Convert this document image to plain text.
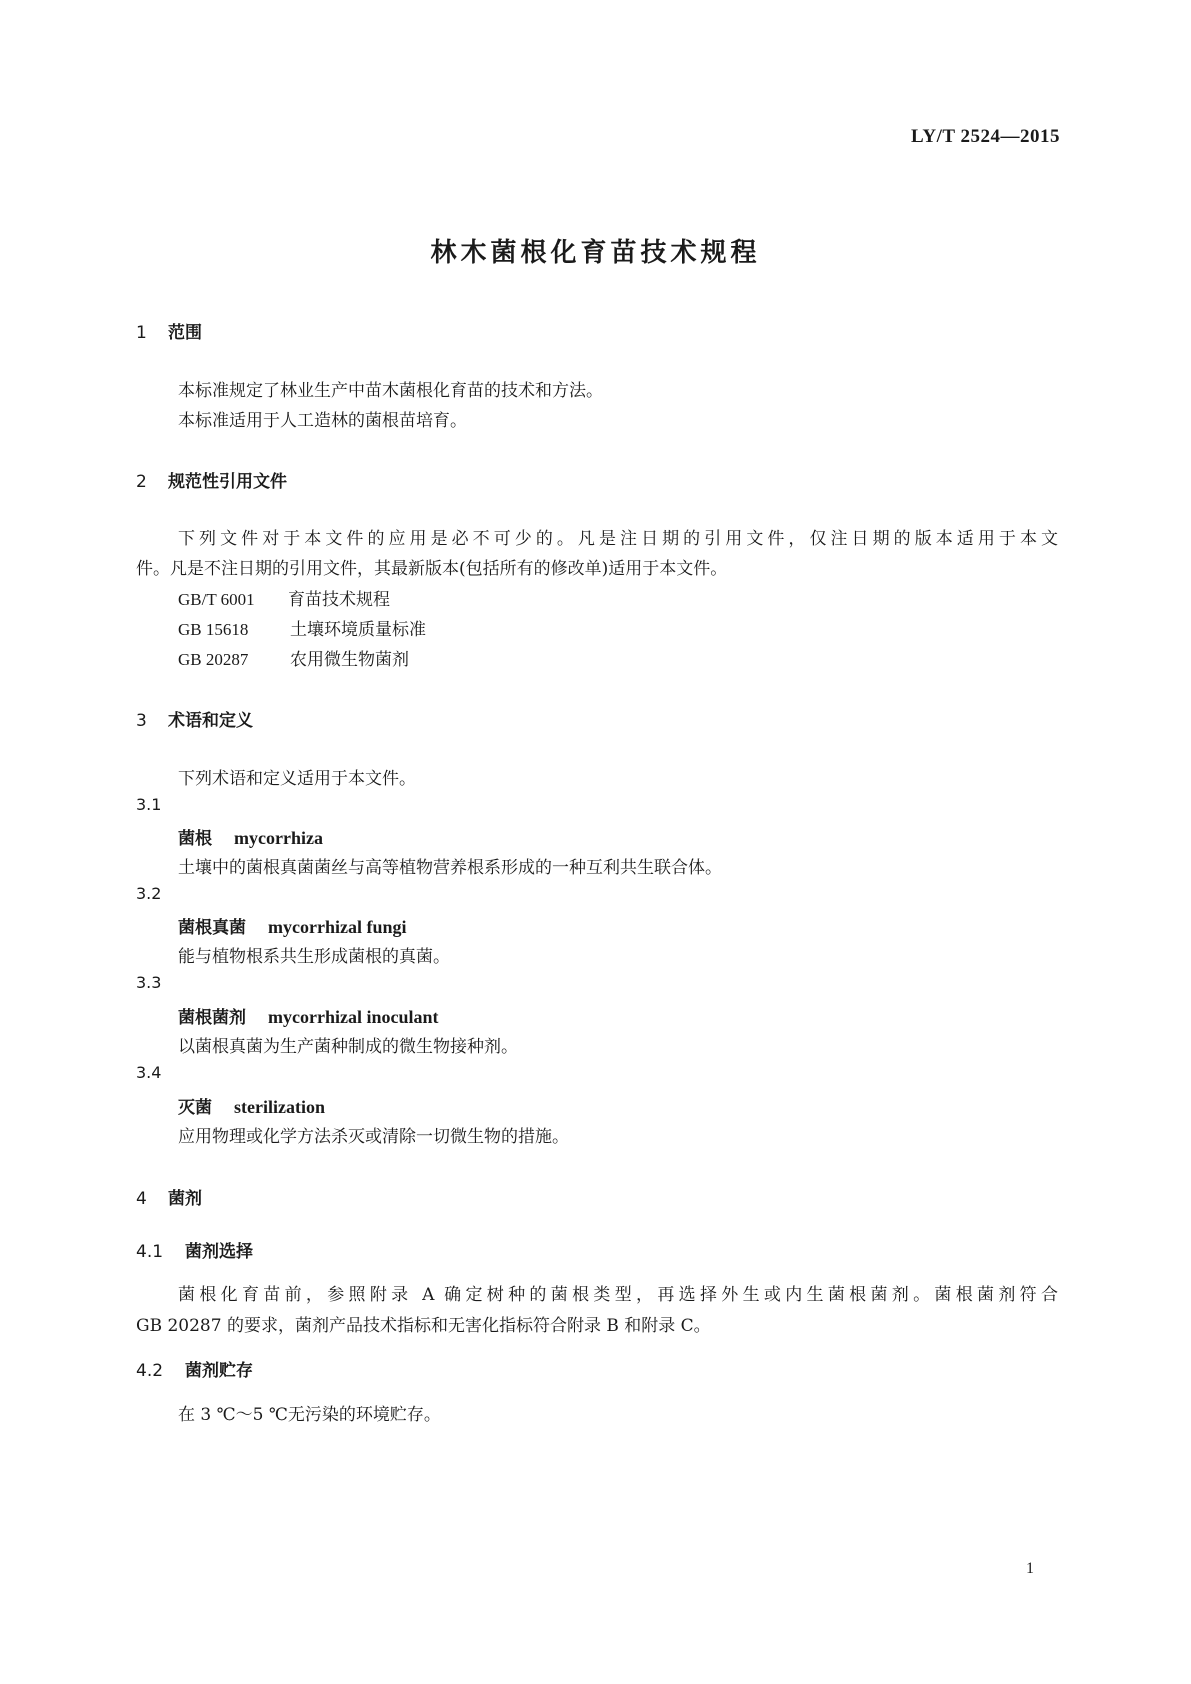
LY/T 2524—2015
林木菌根化育苗技术规程
1 范围
本标准规定了林业生产中苗木菌根化育苗的技术和方法。
本标准适用于人工造林的菌根苗培育。
2 规范性引用文件
下列文件对于本文件的应用是必不可少的。凡是注日期的引用文件，仅注日期的版本适用于本文
件。凡是不注日期的引用文件，其最新版本(包括所有的修改单)适用于本文件。
GB/T 6001 育苗技术规程
GB 15618 土壤环境质量标准
GB 20287 农用微生物菌剂
3 术语和定义
下列术语和定义适用于本文件。
3.1
菌根 mycorrhiza
土壤中的菌根真菌菌丝与高等植物营养根系形成的一种互利共生联合体。
3.2
菌根真菌 mycorrhizal fungi
能与植物根系共生形成菌根的真菌。
3.3
菌根菌剂 mycorrhizal inoculant
以菌根真菌为生产菌种制成的微生物接种剂。
3.4
灭菌 sterilization
应用物理或化学方法杀灭或清除一切微生物的措施。
4 菌剂
4.1 菌剂选择
菌根化育苗前，参照附录 A 确定树种的菌根类型，再选择外生或内生菌根菌剂。菌根菌剂符合
GB 20287 的要求，菌剂产品技术指标和无害化指标符合附录 B 和附录 C。
4.2 菌剂贮存
在 3 ℃～5 ℃无污染的环境贮存。
1
